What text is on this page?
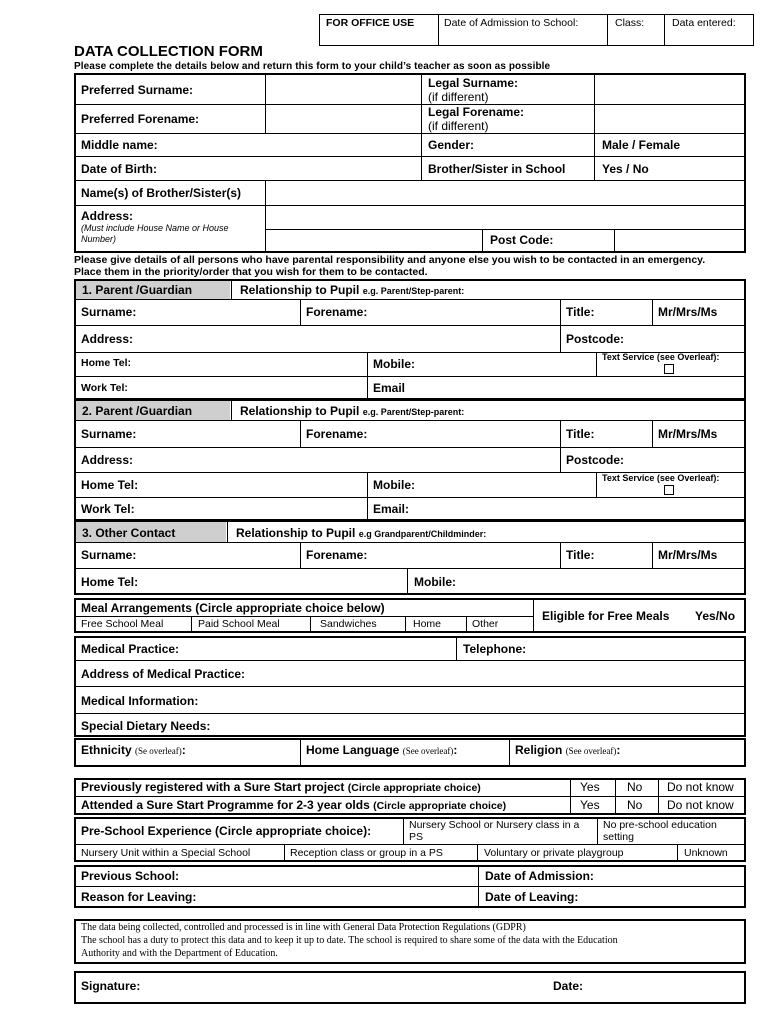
FOR OFFICE USE	Date of Admission to School:	Class:	Data entered:
DATA COLLECTION FORM
Please complete the details below and return this form to your child’s teacher as soon as possible
Preferred Surname:	Legal Surname:
(if different)
Preferred Forename:	Legal Forename:
(if different)
Middle name:	Gender:	Male / Female
Date of Birth:	Brother/Sister in School	Yes / No
Name(s) of Brother/Sister(s)
Address:
(Must include House Name or House Number)	Post Code:
Please give details of all persons who have parental responsibility and anyone else you wish to be contacted in an emergency. Place them in the priority/order that you wish for them to be contacted.
1. Parent /Guardian	Relationship to Pupil e.g. Parent/Step-parent:
Surname:	Forename:	Title:	Mr/Mrs/Ms
Address:	Postcode:
Home Tel:	Mobile:	Text Service (see Overleaf):
Work Tel:	Email
2. Parent /Guardian	Relationship to Pupil e.g. Parent/Step-parent:
Surname:	Forename:	Title:	Mr/Mrs/Ms
Address:	Postcode:
Home Tel:	Mobile:	Text Service (see Overleaf):
Work Tel:	Email:
3. Other Contact	Relationship to Pupil e.g Grandparent/Childminder:
Surname:	Forename:	Title:	Mr/Mrs/Ms
Home Tel:	Mobile:
Meal Arrangements (Circle appropriate choice below)
Free School Meal	Paid School Meal	Sandwiches	Home	Other
Eligible for Free Meals Yes/No
Medical Practice:	Telephone:
Address of Medical Practice:
Medical Information:
Special Dietary Needs:
Ethnicity (Se overleaf):	Home Language (See overleaf):	Religion (See overleaf):
Previously registered with a Sure Start project (Circle appropriate choice)	Yes No Do not know
Attended a Sure Start Programme for 2-3 year olds (Circle appropriate choice)	Yes No Do not know
Pre-School Experience (Circle appropriate choice):	Nursery School or Nursery class in a PS
No pre-school education setting
Nursery Unit within a Special School	Reception class or group in a PS	Voluntary or private playgroup	Unknown
Previous School:	Date of Admission:
Reason for Leaving:	Date of Leaving:
The data being collected, controlled and processed is in line with General Data Protection Regulations (GDPR)
The school has a duty to protect this data and to keep it up to date. The school is required to share some of the data with the Education
Authority and with the Department of Education.
Signature:	Date:
